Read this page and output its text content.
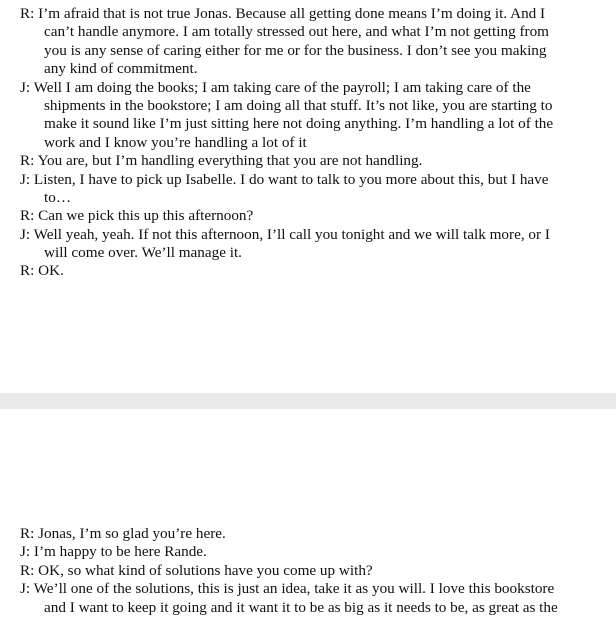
R: I’m afraid that is not true Jonas. Because all getting done means I’m doing it. And I
can’t handle anymore. I am totally stressed out here, and what I’m not getting from
you is any sense of caring either for me or for the business. I don’t see you making
any kind of commitment.
J: Well I am doing the books; I am taking care of the payroll; I am taking care of the
shipments in the bookstore; I am doing all that stuff. It’s not like, you are starting to
make it sound like I’m just sitting here not doing anything. I’m handling a lot of the
work and I know you’re handling a lot of it
R: You are, but I’m handling everything that you are not handling.
J: Listen, I have to pick up Isabelle. I do want to talk to you more about this, but I have
to…
R: Can we pick this up this afternoon?
J: Well yeah, yeah. If not this afternoon, I’ll call you tonight and we will talk more, or I
will come over. We’ll manage it.
R: OK.
R: Jonas, I’m so glad you’re here.
J: I’m happy to be here Rande.
R: OK, so what kind of solutions have you come up with?
J: We’ll one of the solutions, this is just an idea, take it as you will. I love this bookstore
and I want to keep it going and it want it to be as big as it needs to be, as great as the
